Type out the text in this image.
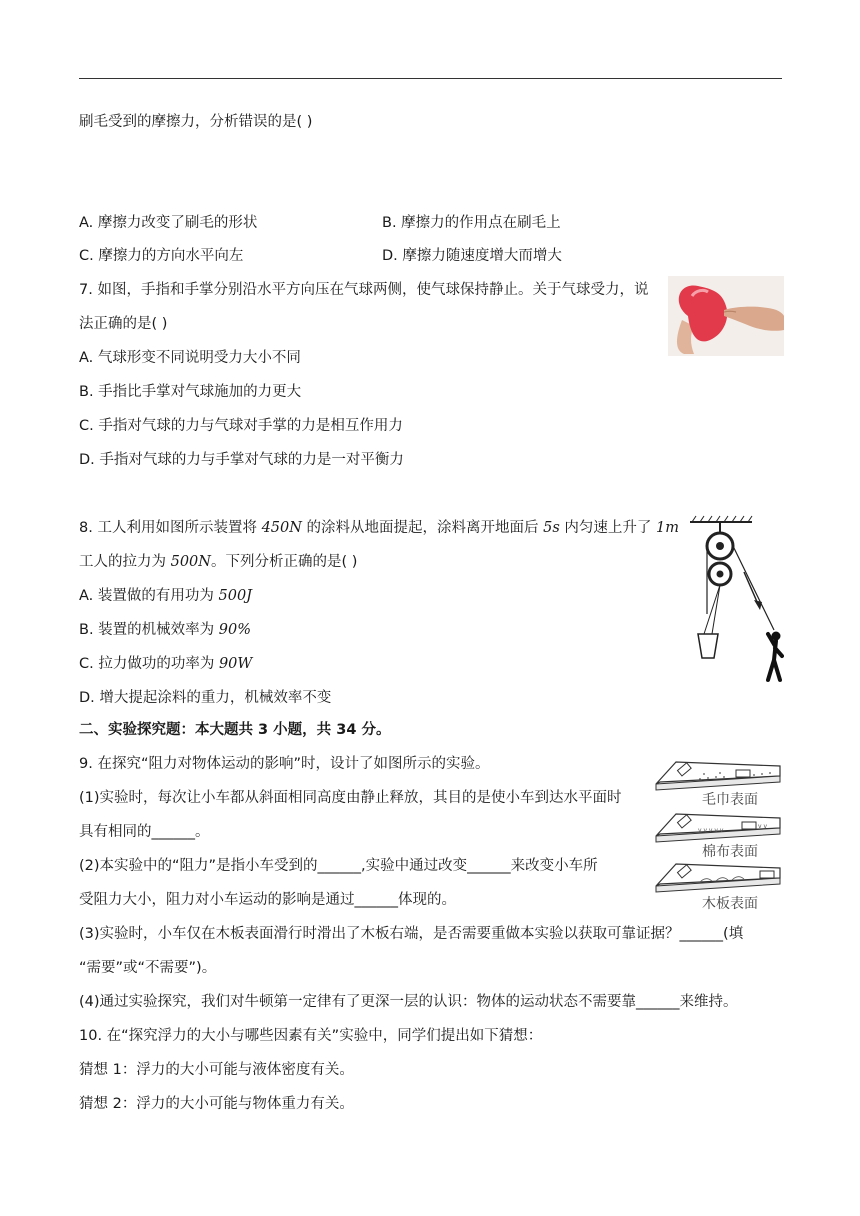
刷毛受到的摩擦力，分析错误的是( )
A. 摩擦力改变了刷毛的形状	B. 摩擦力的作用点在刷毛上
C. 摩擦力的方向水平向左	D. 摩擦力随速度增大而增大
7. 如图，手指和手掌分别沿水平方向压在气球两侧，使气球保持静止。关于气球受力，说
法正确的是( )
A. 气球形变不同说明受力大小不同
B. 手指比手掌对气球施加的力更大
C. 手指对气球的力与气球对手掌的力是相互作用力
D. 手指对气球的力与手掌对气球的力是一对平衡力
8. 工人利用如图所示装置将 450N 的涂料从地面提起，涂料离开地面后 5s 内匀速上升了 1m
工人的拉力为 500N。下列分析正确的是( )
A. 装置做的有用功为 500J
B. 装置的机械效率为 90%
C. 拉力做功的功率为 90W
D. 增大提起涂料的重力，机械效率不变
二、实验探究题：本大题共 3 小题，共 34 分。
9. 在探究“阻力对物体运动的影响”时，设计了如图所示的实验。
(1)实验时，每次让小车都从斜面相同高度由静止释放，其目的是使小车到达水平面时
具有相同的______。
(2)本实验中的“阻力”是指小车受到的______,实验中通过改变______来改变小车所
受阻力大小，阻力对小车运动的影响是通过______体现的。
(3)实验时，小车仅在木板表面滑行时滑出了木板右端，是否需要重做本实验以获取可靠证据？______(填
“需要”或“不需要”)。
(4)通过实验探究，我们对牛顿第一定律有了更深一层的认识：物体的运动状态不需要靠______来维持。
毛巾表面
v v v v v
v v
棉布表面
木板表面
10. 在“探究浮力的大小与哪些因素有关”实验中，同学们提出如下猜想：
猜想 1：浮力的大小可能与液体密度有关。
猜想 2：浮力的大小可能与物体重力有关。
